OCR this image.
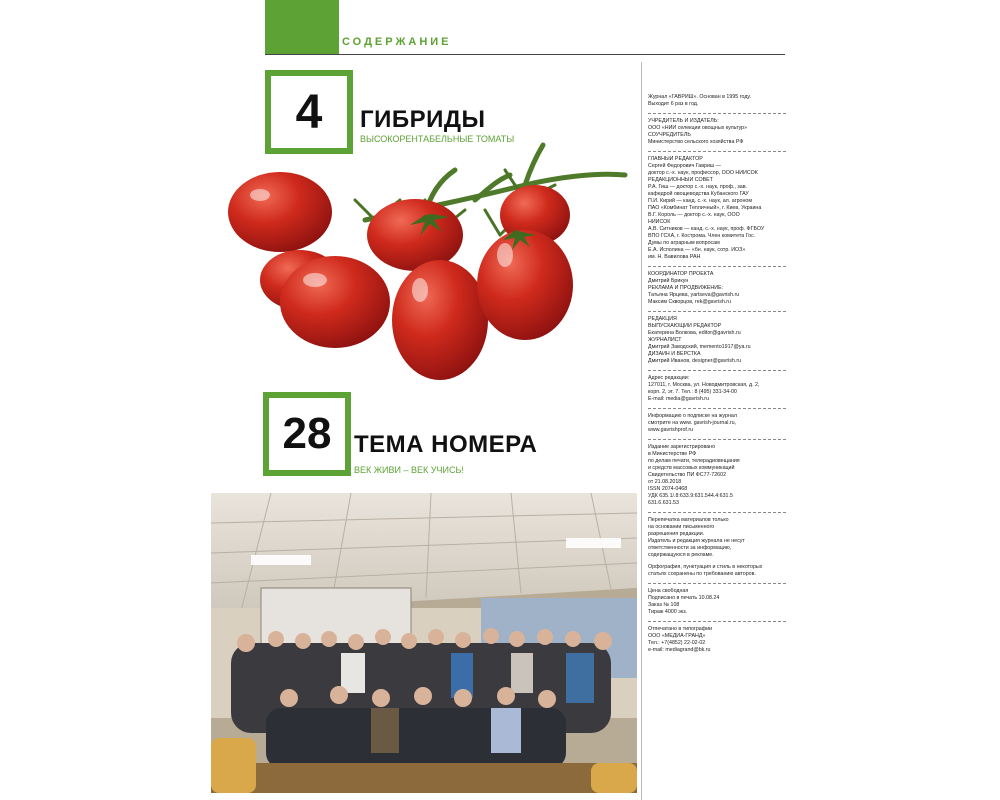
СОДЕРЖАНИЕ
4 ГИБРИДЫ
ВЫСОКОРЕНТАБЕЛЬНЫЕ ТОМАТЫ
28 ТЕМА НОМЕРА
ВЕК ЖИВИ – ВЕК УЧИСЬ!
Журнал «ГАВРИШ». Основан в 1995 году.
Выходит 6 раз в год.
УЧРЕДИТЕЛЬ И ИЗДАТЕЛЬ:
ООО «НИИ селекции овощных культур»
СОУЧРЕДИТЕЛЬ
Министерство сельского хозяйства РФ
ГЛАВНЫЙ РЕДАКТОР
Сергей Федорович Гавриш —
доктор с.-х. наук, профессор, ООО НИИСОК
РЕДАКЦИОННЫЙ СОВЕТ
Р.А. Гиш — доктор с.-х. наук, проф., зав.
кафедрой овощеводства Кубанского ГАУ
П.И. Кирий — канд. с.-х. наук, ал. агроном
ПАО «Комбинат Тепличный», г. Киев, Украина
В.Г. Король — доктор с.-х. наук, ООО
НИИСОК
А.В. Ситников — канд. с.-х. наук, проф. ФГБОУ
ВПО ГСХА, г. Кострома. Член комитета Гос.
Думы по аграрным вопросам
Е.А. Исполина — «бн. наук, сотр. ИОЗ»
им. Н. Вавилова РАН
КООРДИНАТОР ПРОЕКТА
Дмитрий Брикун
РЕКЛАМА И ПРОДВИЖЕНИЕ:
Татьяна Ярцева, yartseva@gavrish.ru
Максим Скворцов, rek@gavrish.ru
РЕДАКЦИЯ
ВЫПУСКАЮЩИЙ РЕДАКТОР
Екатерина Волкова, editor@gavrish.ru
ЖУРНАЛИСТ
Дмитрий Заводский, memento1917@ya.ru
ДИЗАЙН И ВЕРСТКА
Дмитрий Иванов, designer@gavrish.ru
Адрес редакции:
127011, г. Москва, ул. Новодмитровская, д. 2,
корп. 2, эт. 7. Тел.: 8 (495) 331-34-00
E-mail: media@gavrish.ru
Информацию о подписке на журнал
смотрите на www. gavrish-journal.ru,
www.gavrishprof.ru
Издание зарегистрировано
в Министерстве РФ
по делам печати, телерадиовещания
и средств массовых коммуникаций
Свидетельство ПИ ФС77-72602
от 21.08.2018
ISSN 2074-0468
УДК 635.1/.8:633.9:631.544.4:631.5
631.6.631.53
Перепечатка материалов только
на основании письменного
разрешения редакции.
Издатель и редакция журнала не несут
ответственности за информацию,
содержащуюся в рекламе.
Орфография, пунктуация и стиль в некоторых
статьях сохранены по требованию авторов.
Цена свободная
Подписано в печать 10.08.24
Заказ № 108
Тираж 4000 экз.
Отпечатано в типографии
ООО «МЕДИА-ГРАНД»
Тел.: +7(4852) 22-02-02
e-mail: mediagrand@bk.ru
